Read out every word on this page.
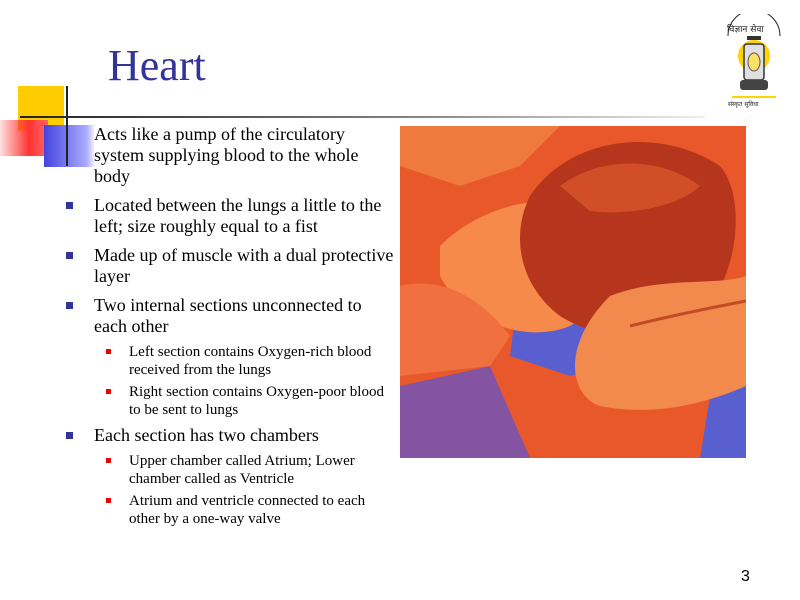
Heart
विज्ञान सेवा
संस्कृत सुविधा
Acts like a pump of the circulatory system supplying blood to the whole body
Located between the lungs a little to the left; size roughly equal to a fist
Made up of muscle with a dual protective layer
Two internal sections unconnected to each other
Left section contains Oxygen-rich blood received from the lungs
Right section contains Oxygen-poor blood to be sent to lungs
Each section has two chambers
Upper chamber called Atrium; Lower chamber called as Ventricle
Atrium and ventricle connected to each other by a one-way valve
3
